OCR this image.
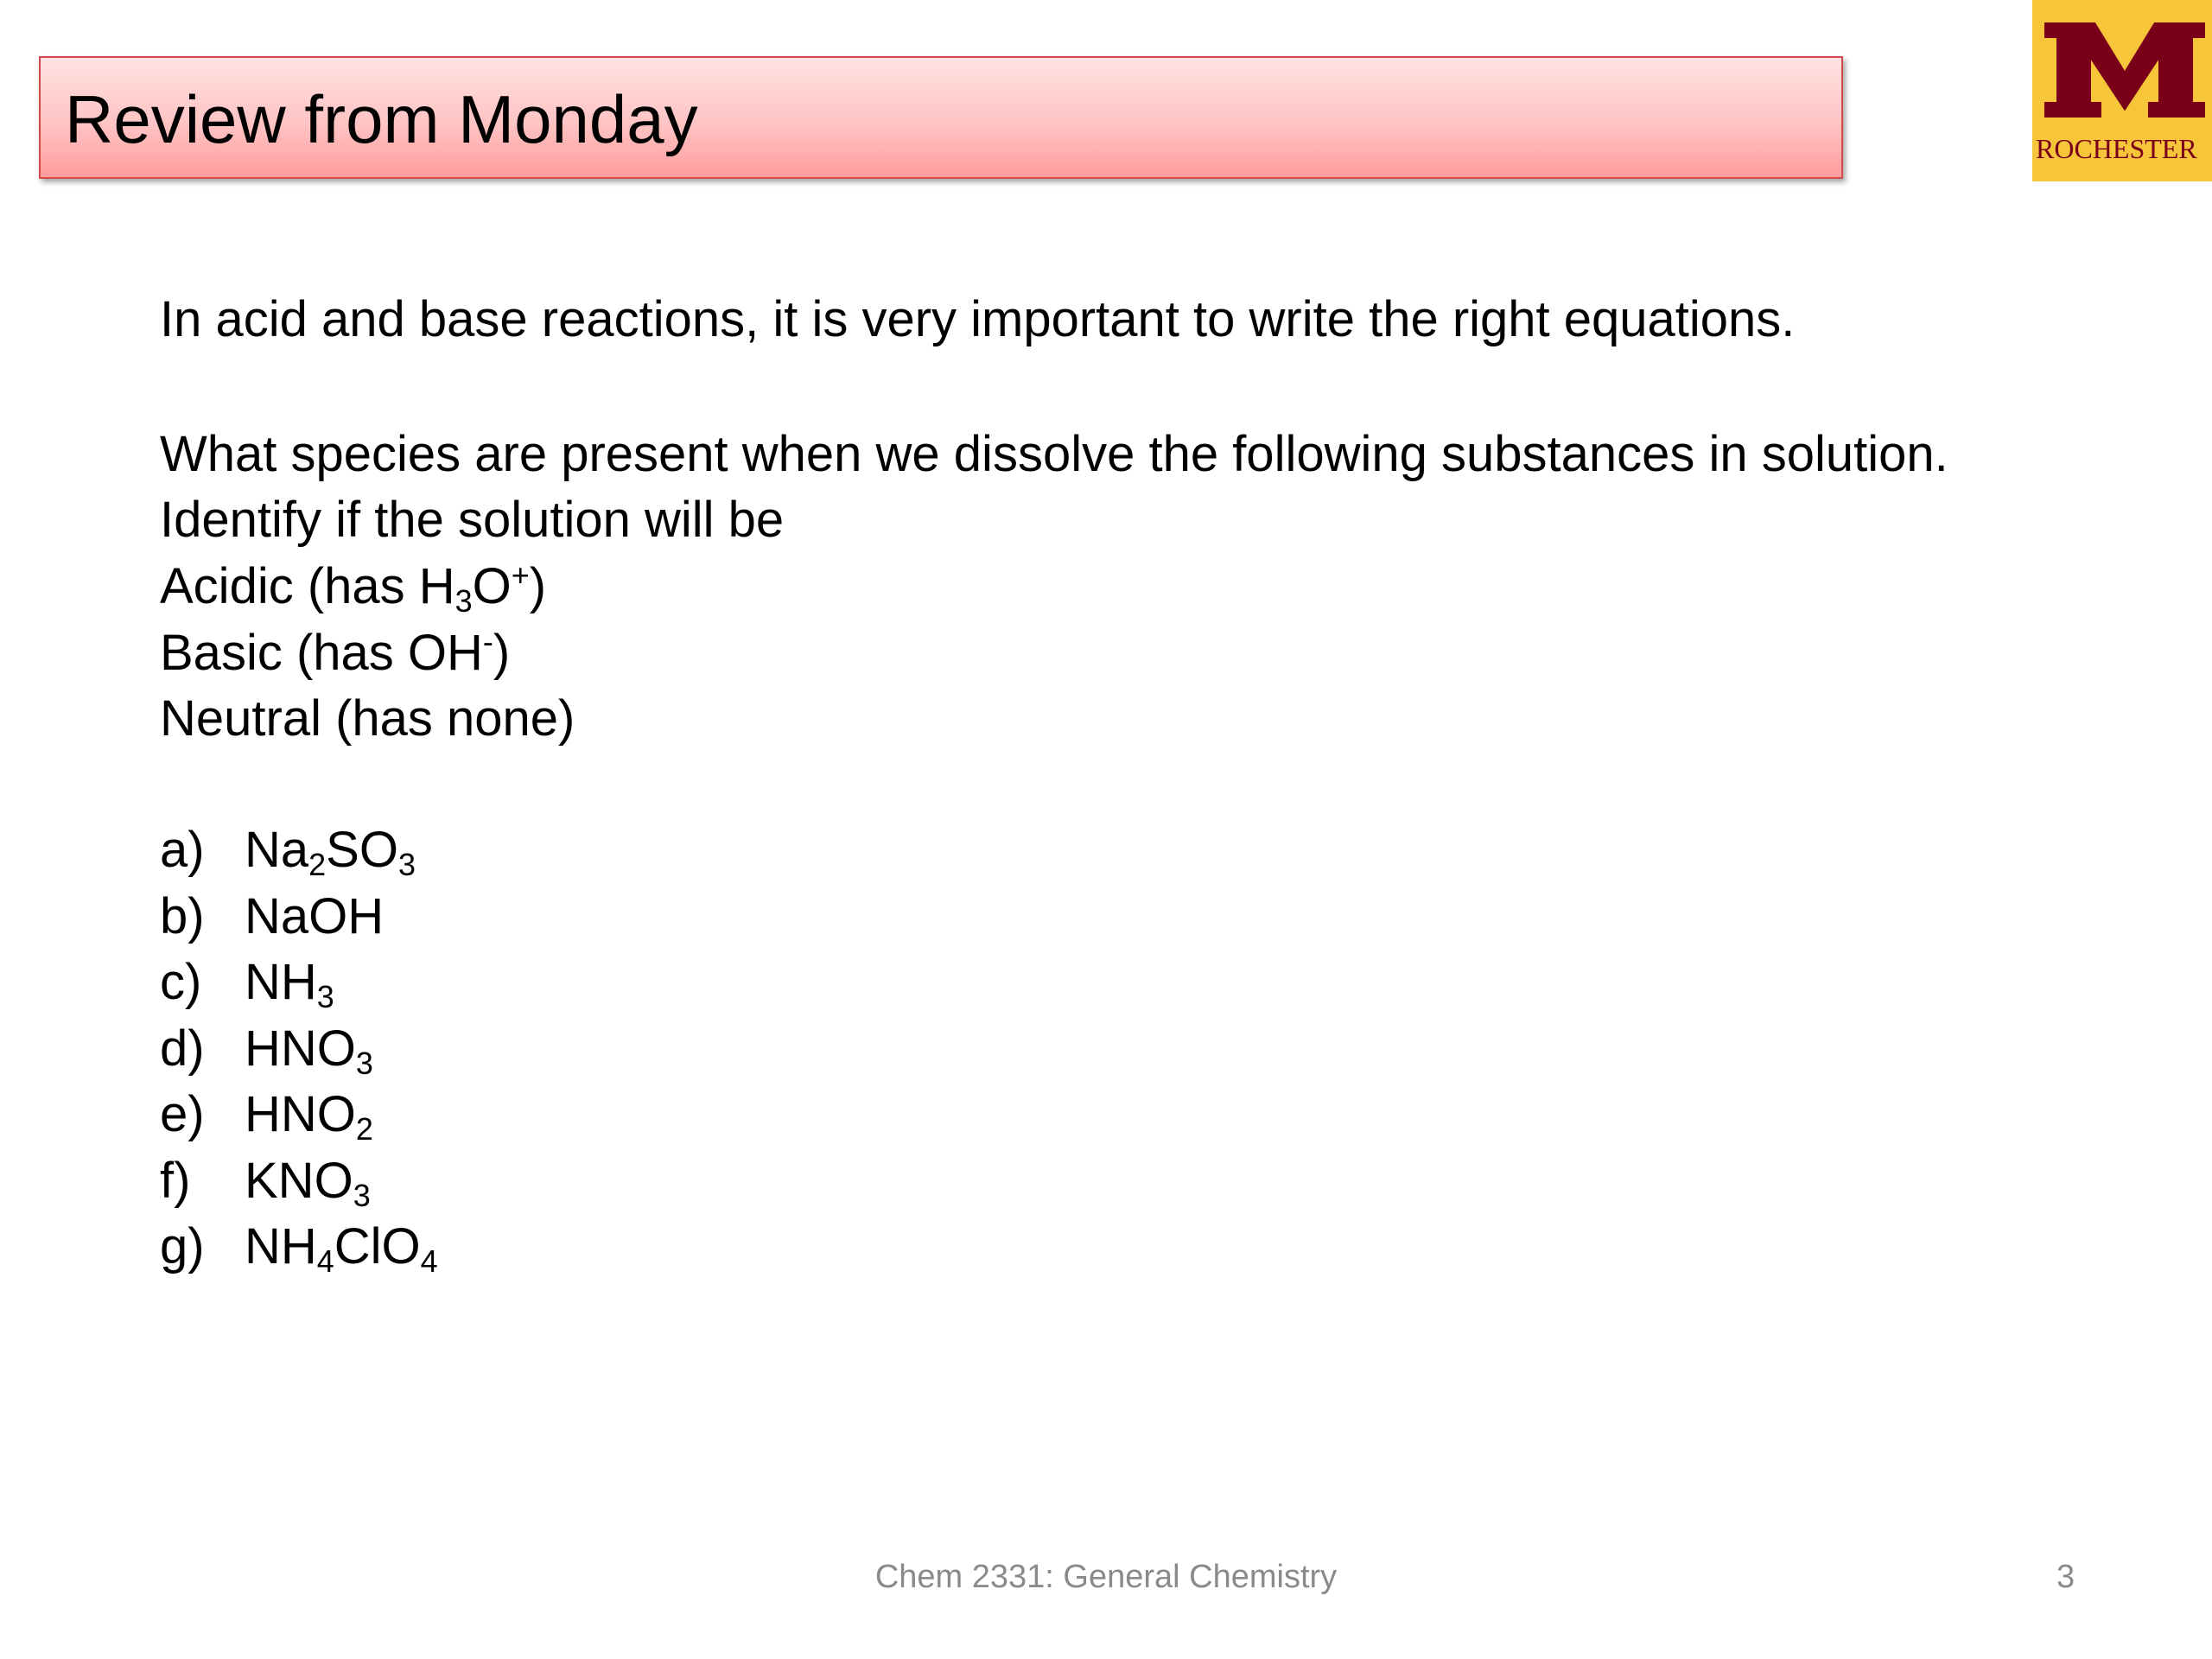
Review from Monday	ROCHESTER
In acid and base reactions, it is very important to write the right equations.
What species are present when we dissolve the following substances in solution.
Identify if the solution will be
Acidic (has $H_3O^+$)
Basic (has OH-)
Neutral (has none)
a) $Na_2SO_3$
b) NaOH
c) $NH_3$
d) $HNO_3$
e) $HNO_2$
f) $KNO_3$
g) $NH_4ClO_4$
Chem 2331: General Chemistry	3
